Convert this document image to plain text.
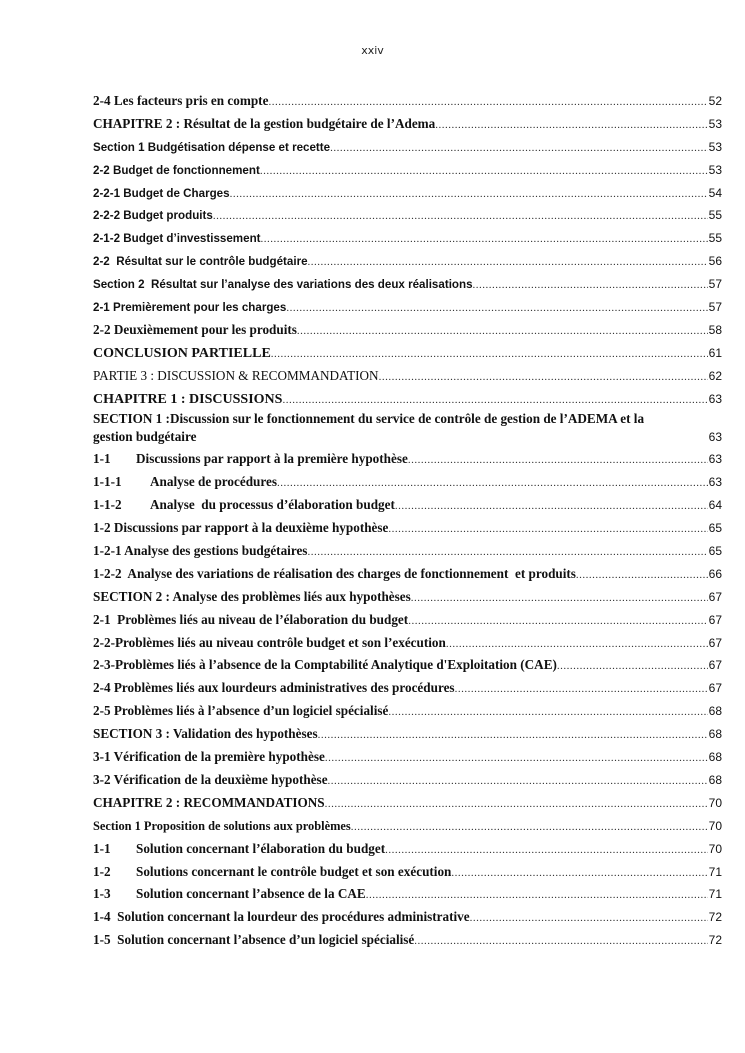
xxiv
2-4 Les facteurs pris en compte .....	52
CHAPITRE 2 : Résultat de la gestion budgétaire de l’Adema .....	53
Section 1 Budgétisation dépense et recette .....	53
2-2 Budget de fonctionnement .....	53
2-2-1 Budget de Charges .....	54
2-2-2 Budget produits .....	55
2-1-2 Budget d’investissement .....	55
2-2  Résultat sur le contrôle budgétaire .....	56
Section 2  Résultat sur l’analyse des variations des deux réalisations .....	57
2-1 Premièrement pour les charges .....	57
2-2 Deuxièmement pour les produits .....	58
CONCLUSION PARTIELLE .....	61
PARTIE 3 : DISCUSSION & RECOMMANDATION .....	62
CHAPITRE 1 : DISCUSSIONS .....	63
SECTION 1 :Discussion sur le fonctionnement du service de contrôle de gestion de l’ADEMA et la
gestion budgétaire	63
1-1 Discussions par rapport à la première hypothèse .....	63
1-1-1 Analyse de procédures .....	63
1-1-2 Analyse  du processus d’élaboration budget .....	64
1-2 Discussions par rapport à la deuxième hypothèse .....	65
1-2-1 Analyse des gestions budgétaires .....	65
1-2-2  Analyse des variations de réalisation des charges de fonctionnement  et produits .....	66
SECTION 2 : Analyse des problèmes liés aux hypothèses .....	67
2-1  Problèmes liés au niveau de l’élaboration du budget .....	67
2-2-Problèmes liés au niveau contrôle budget et son l’exécution .....	67
2-3-Problèmes liés à l’absence de la Comptabilité Analytique d'Exploitation (CAE) .....	67
2-4 Problèmes liés aux lourdeurs administratives des procédures .....	67
2-5 Problèmes liés à l’absence d’un logiciel spécialisé .....	68
SECTION 3 : Validation des hypothèses .....	68
3-1 Vérification de la première hypothèse .....	68
3-2 Vérification de la deuxième hypothèse .....	68
CHAPITRE 2 : RECOMMANDATIONS .....	70
Section 1 Proposition de solutions aux problèmes .....	70
1-1 Solution concernant l’élaboration du budget .....	70
1-2 Solutions concernant le contrôle budget et son exécution .....	71
1-3 Solution concernant l’absence de la CAE .....	71
1-4  Solution concernant la lourdeur des procédures administrative .....	72
1-5  Solution concernant l’absence d’un logiciel spécialisé .....	72
